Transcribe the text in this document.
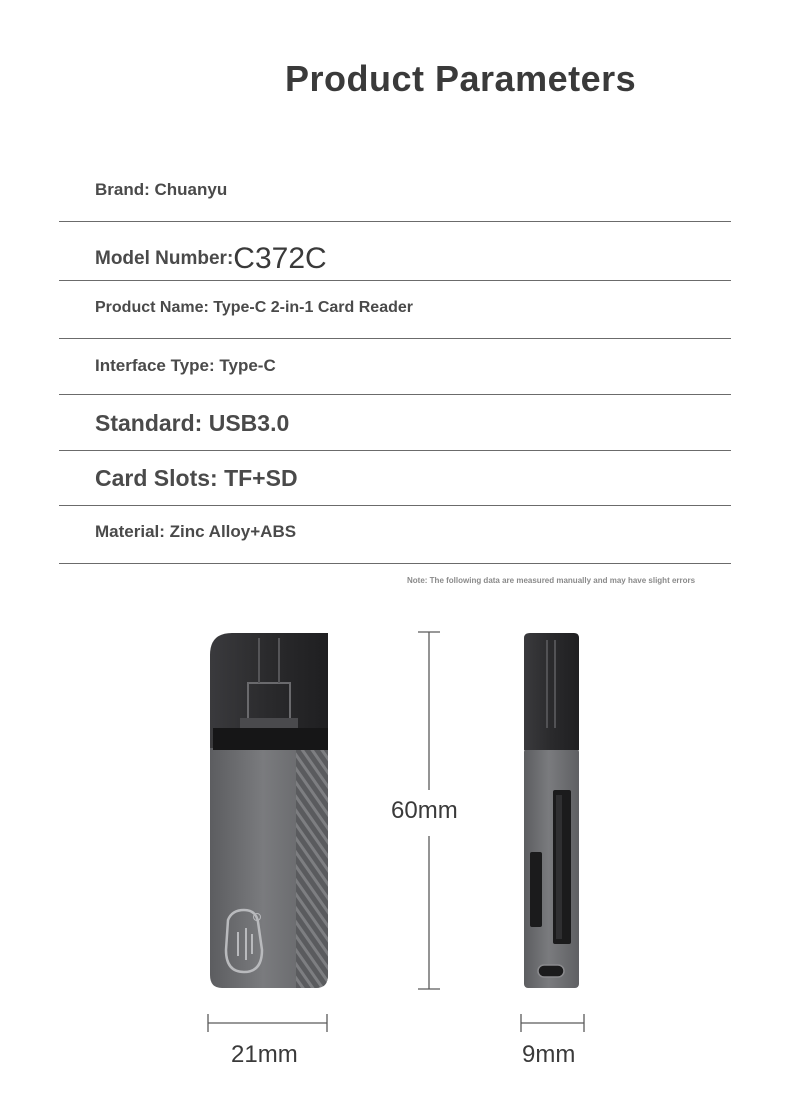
Product Parameters
Brand: Chuanyu
Model Number:C372C
Product Name: Type-C 2-in-1 Card Reader
Interface Type: Type-C
Standard: USB3.0
Card Slots: TF+SD
Material: Zinc Alloy+ABS
Note: The following data are measured manually and may have slight errors
60mm
21mm	9mm
